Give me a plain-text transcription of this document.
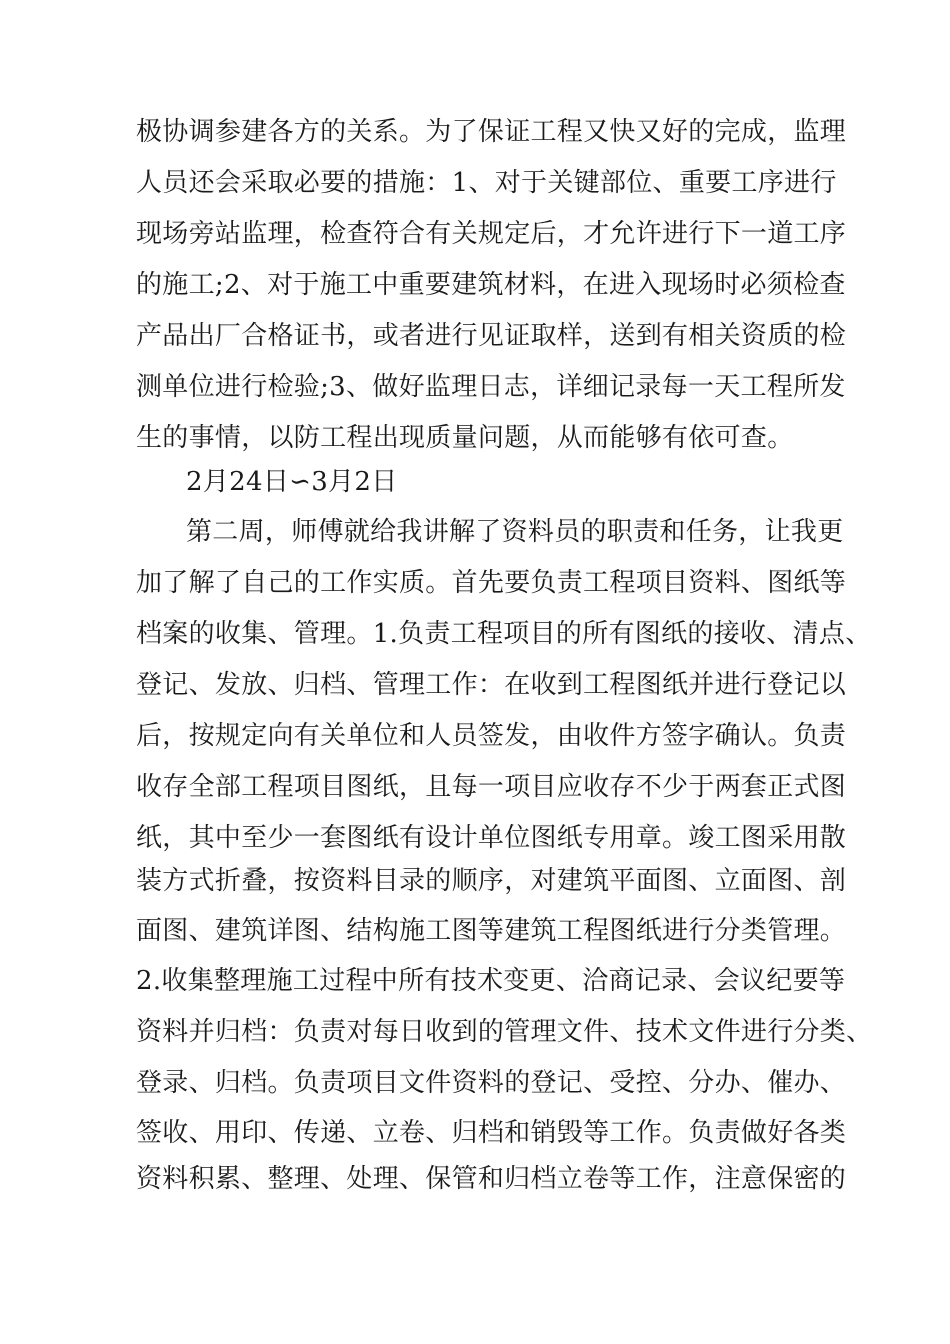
极协调参建各方的关系。为了保证工程又快又好的完成，监理
人员还会采取必要的措施：1、对于关键部位、重要工序进行
现场旁站监理，检查符合有关规定后，才允许进行下一道工序
的施工;2、对于施工中重要建筑材料，在进入现场时必须检查
产品出厂合格证书，或者进行见证取样，送到有相关资质的检
测单位进行检验;3、做好监理日志，详细记录每一天工程所发
生的事情，以防工程出现质量问题，从而能够有依可查。
2月24日∽3月2日
第二周，师傅就给我讲解了资料员的职责和任务，让我更
加了解了自己的工作实质。首先要负责工程项目资料、图纸等
档案的收集、管理。1.负责工程项目的所有图纸的接收、清点、
登记、发放、归档、管理工作：在收到工程图纸并进行登记以
后，按规定向有关单位和人员签发，由收件方签字确认。负责
收存全部工程项目图纸，且每一项目应收存不少于两套正式图
纸，其中至少一套图纸有设计单位图纸专用章。竣工图采用散
装方式折叠，按资料目录的顺序，对建筑平面图、立面图、剖
面图、建筑详图、结构施工图等建筑工程图纸进行分类管理。
2.收集整理施工过程中所有技术变更、洽商记录、会议纪要等
资料并归档：负责对每日收到的管理文件、技术文件进行分类、
登录、归档。负责项目文件资料的登记、受控、分办、催办、
签收、用印、传递、立卷、归档和销毁等工作。负责做好各类
资料积累、整理、处理、保管和归档立卷等工作，注意保密的
